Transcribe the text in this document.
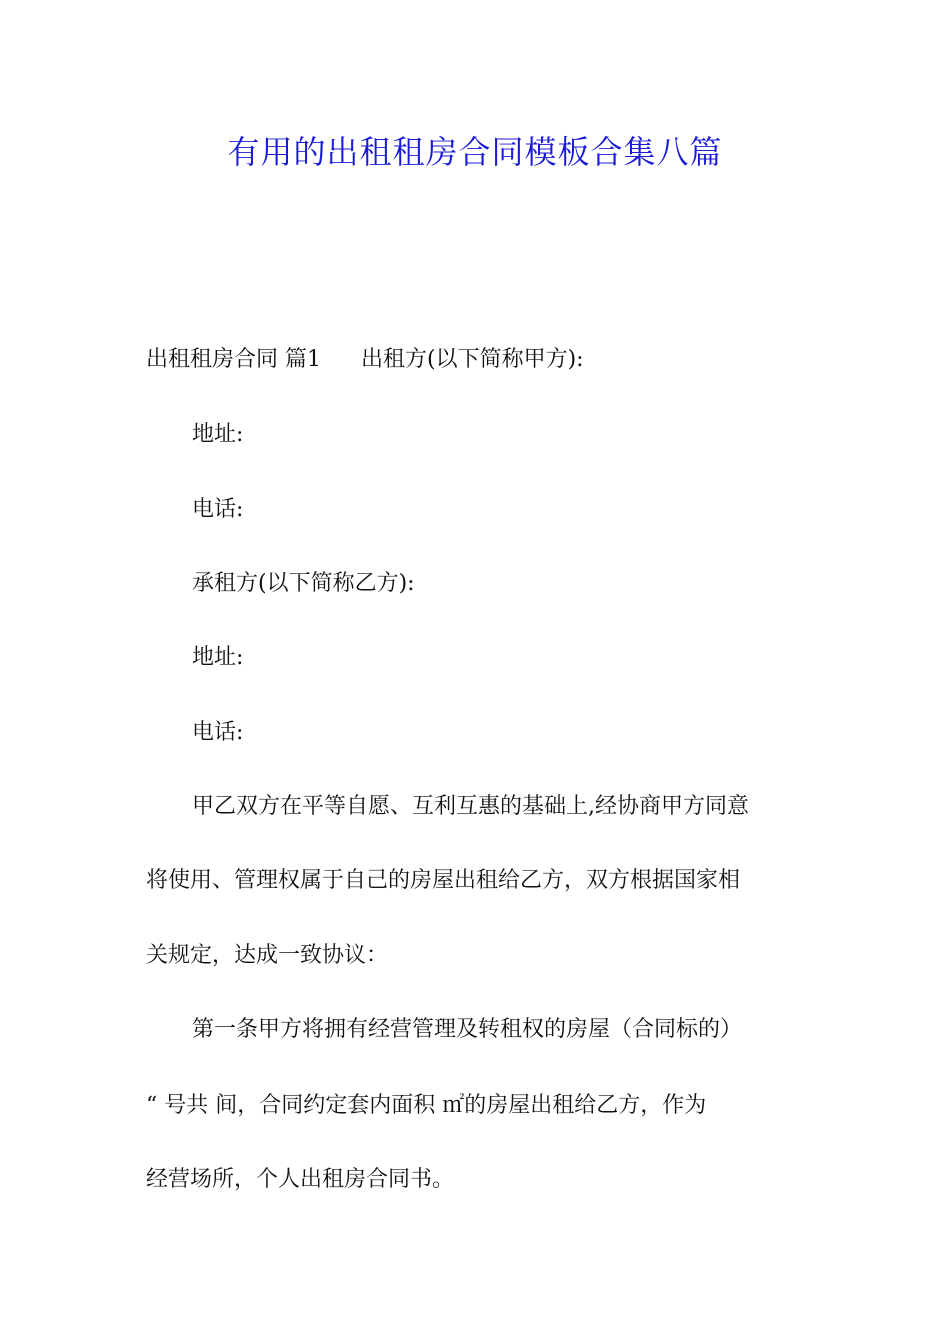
有用的出租租房合同模板合集八篇
出租租房合同 篇1 出租方(以下简称甲方):
地址:
电话:
承租方(以下简称乙方):
地址:
电话:
甲乙双方在平等自愿、互利互惠的基础上,经协商甲方同意
将使用、管理权属于自己的房屋出租给乙方，双方根据国家相
关规定，达成一致协议：
第一条甲方将拥有经营管理及转租权的房屋（合同标的）
“ 号共 间，合同约定套内面积 ㎡的房屋出租给乙方，作为
经营场所，个人出租房合同书。
